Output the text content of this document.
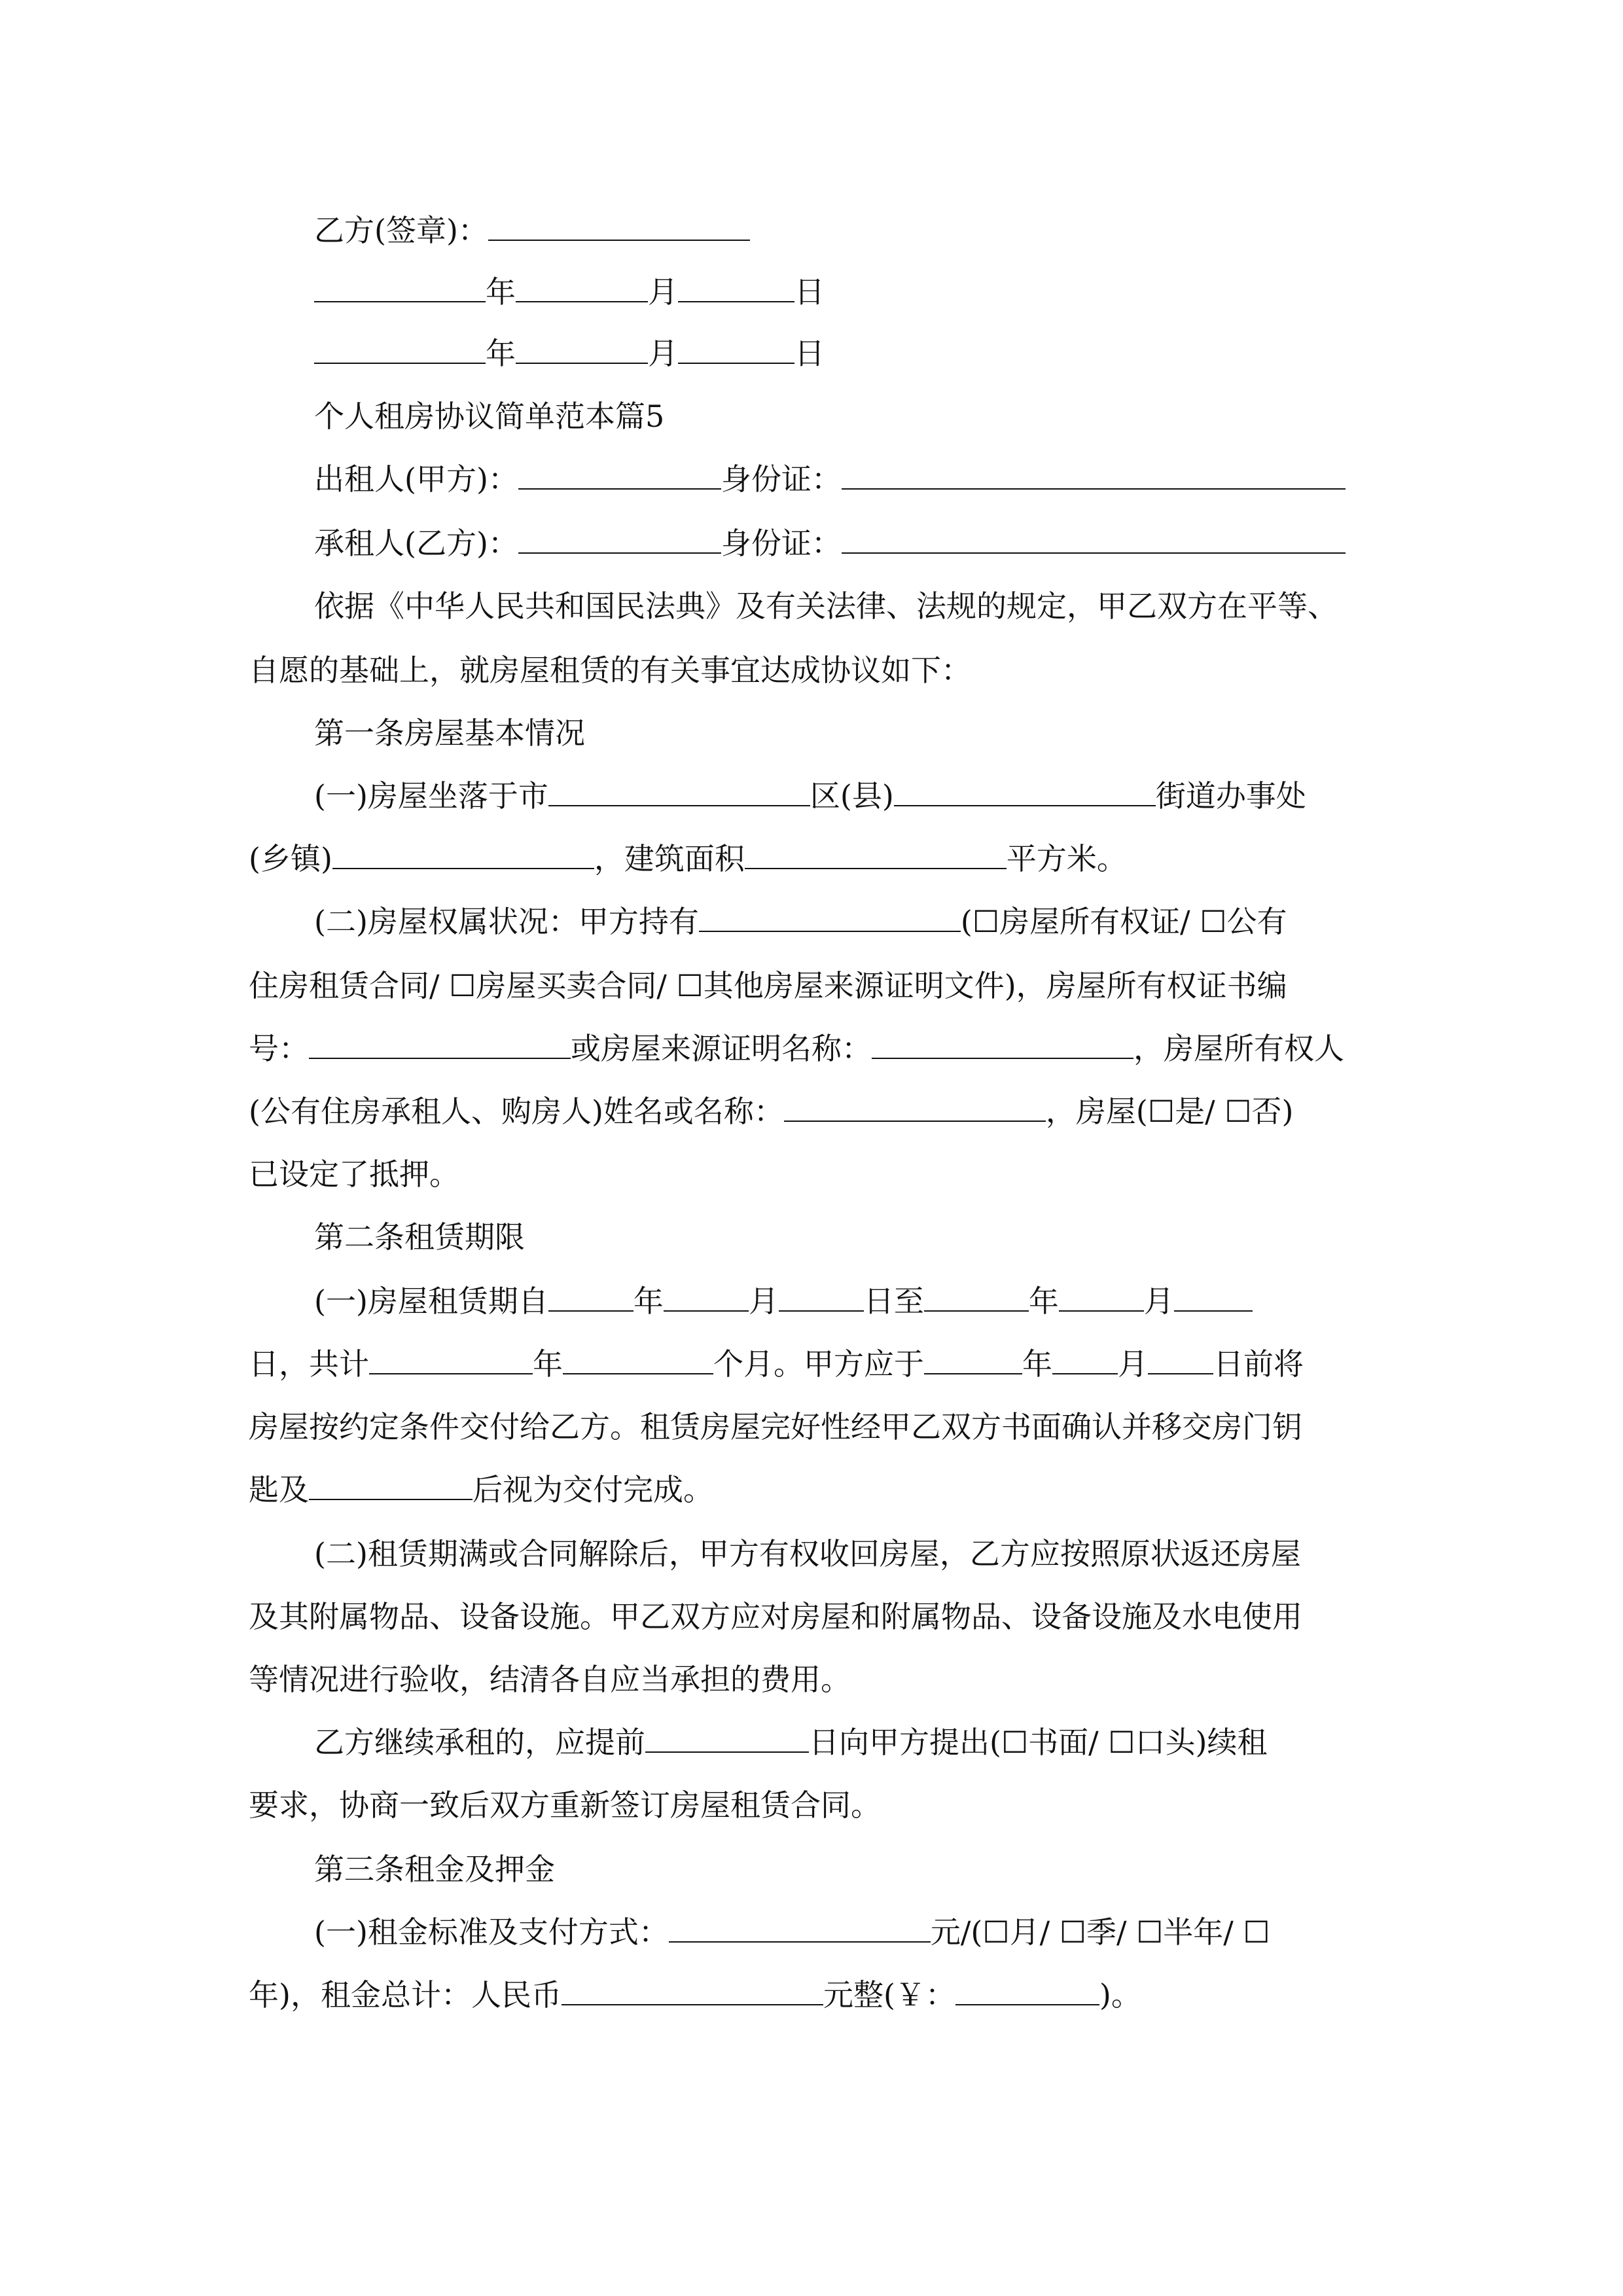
乙方(签章)：
年	月	日
年	月	日
个人租房协议简单范本篇5
出租人(甲方)：	身份证：
承租人(乙方)：	身份证：
依据《中华人民共和国民法典》及有关法律、法规的规定，甲乙双方在平等、
自愿的基础上，就房屋租赁的有关事宜达成协议如下：
第一条房屋基本情况
(一)房屋坐落于市	区(县)	街道办事处
(乡镇)	，建筑面积	平方米。
(二)房屋权属状况：甲方持有	(☐房屋所有权证/ ☐公有
住房租赁合同/ ☐房屋买卖合同/ ☐其他房屋来源证明文件)，房屋所有权证书编
号：	或房屋来源证明名称：	，房屋所有权人
(公有住房承租人、购房人)姓名或名称：	，房屋(☐是/ ☐否)
已设定了抵押。
第二条租赁期限
(一)房屋租赁期自	年	月	日至	年	月
日，共计	年	个月。甲方应于	年 月 日前将
房屋按约定条件交付给乙方。租赁房屋完好性经甲乙双方书面确认并移交房门钥
匙及	后视为交付完成。
(二)租赁期满或合同解除后，甲方有权收回房屋，乙方应按照原状返还房屋
及其附属物品、设备设施。甲乙双方应对房屋和附属物品、设备设施及水电使用
等情况进行验收，结清各自应当承担的费用。
乙方继续承租的，应提前	日向甲方提出(☐书面/ ☐口头)续租
要求，协商一致后双方重新签订房屋租赁合同。
第三条租金及押金
(一)租金标准及支付方式：	元/(☐月/ ☐季/ ☐半年/ ☐
年)，租金总计：人民币	元整(￥：	)。
